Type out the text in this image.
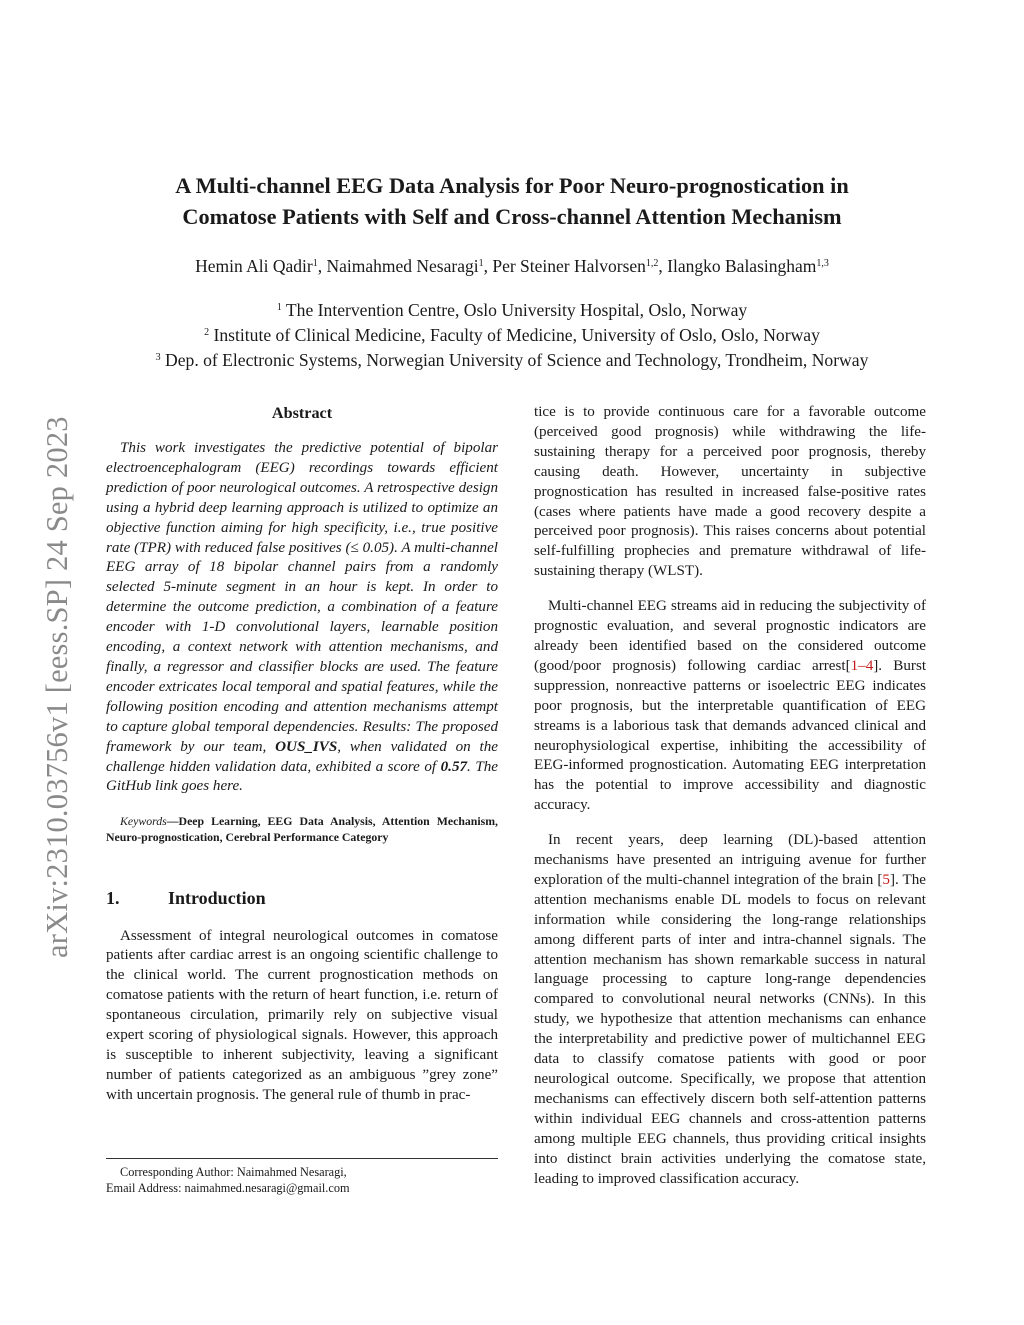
arXiv:2310.03756v1 [eess.SP] 24 Sep 2023
A Multi-channel EEG Data Analysis for Poor Neuro-prognostication in
Comatose Patients with Self and Cross-channel Attention Mechanism
Hemin Ali Qadir$^1$, Naimahmed Nesaragi$^1$, Per Steiner Halvorsen$^{1,2}$, Ilangko Balasingham$^{1,3}$
$^1$ The Intervention Centre, Oslo University Hospital, Oslo, Norway
$^2$ Institute of Clinical Medicine, Faculty of Medicine, University of Oslo, Oslo, Norway
$^3$ Dep. of Electronic Systems, Norwegian University of Science and Technology, Trondheim, Norway
Abstract

This work investigates the predictive potential of bipolar electroencephalogram (EEG) recordings towards efficient prediction of poor neurological outcomes. A retrospective design using a hybrid deep learning approach is utilized to optimize an objective function aiming for high specificity, i.e., true positive rate (TPR) with reduced false positives (≤ 0.05). A multi-channel EEG array of 18 bipolar channel pairs from a randomly selected 5-minute segment in an hour is kept. In order to determine the outcome prediction, a combination of a feature encoder with 1-D convolutional layers, learnable position encoding, a context network with attention mechanisms, and finally, a regressor and classifier blocks are used. The feature encoder extricates local temporal and spatial features, while the following position encoding and attention mechanisms attempt to capture global temporal dependencies. Results: The proposed framework by our team, OUS_IVS, when validated on the challenge hidden validation data, exhibited a score of 0.57. The GitHub link goes here.

Keywords—Deep Learning, EEG Data Analysis, Attention Mechanism, Neuro-prognostication, Cerebral Performance Category

1.	Introduction

Assessment of integral neurological outcomes in comatose patients after cardiac arrest is an ongoing scientific challenge to the clinical world. The current prognostication methods on comatose patients with the return of heart function, i.e. return of spontaneous circulation, primarily rely on subjective visual expert scoring of physiological signals. However, this approach is susceptible to inherent subjectivity, leaving a significant number of patients categorized as an ambiguous ”grey zone” with uncertain prognosis. The general rule of thumb in prac-

tice is to provide continuous care for a favorable outcome (perceived good prognosis) while withdrawing the life-sustaining therapy for a perceived poor prognosis, thereby causing death. However, uncertainty in subjective prognostication has resulted in increased false-positive rates (cases where patients have made a good recovery despite a perceived poor prognosis). This raises concerns about potential self-fulfilling prophecies and premature withdrawal of life-sustaining therapy (WLST).

Multi-channel EEG streams aid in reducing the subjectivity of prognostic evaluation, and several prognostic indicators are already been identified based on the considered outcome (good/poor prognosis) following cardiac arrest[1–4]. Burst suppression, nonreactive patterns or isoelectric EEG indicates poor prognosis, but the interpretable quantification of EEG streams is a laborious task that demands advanced clinical and neurophysiological expertise, inhibiting the accessibility of EEG-informed prognostication. Automating EEG interpretation has the potential to improve accessibility and diagnostic accuracy.

In recent years, deep learning (DL)-based attention mechanisms have presented an intriguing avenue for further exploration of the multi-channel integration of the brain [5]. The attention mechanisms enable DL models to focus on relevant information while considering the long-range relationships among different parts of inter and intra-channel signals. The attention mechanism has shown remarkable success in natural language processing to capture long-range dependencies compared to convolutional neural networks (CNNs). In this study, we hypothesize that attention mechanisms can enhance the interpretability and predictive power of multichannel EEG data to classify comatose patients with good or poor neurological outcome. Specifically, we propose that attention mechanisms can effectively discern both self-attention patterns within individual EEG channels and cross-attention patterns among multiple EEG channels, thus providing critical insights into distinct brain activities underlying the comatose state, leading to improved classification accuracy.

Corresponding Author: Naimahmed Nesaragi,
Email Address: naimahmed.nesaragi@gmail.com
